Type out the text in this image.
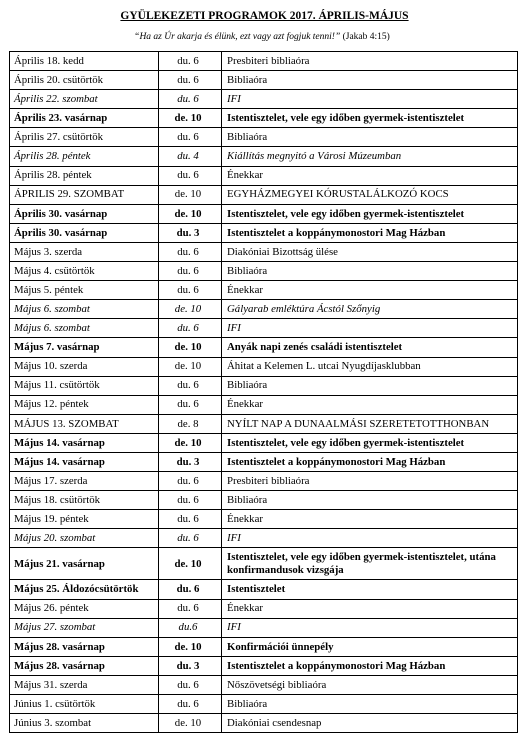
GYÜLEKEZETI PROGRAMOK 2017. ÁPRILIS-MÁJUS

“Ha az Úr akarja és élünk, ezt vagy azt fogjuk tenni!” (Jakab 4:15)

Április 18. kedd	du. 6	Presbiteri bibliaóra
Április 20. csütörtök	du. 6	Bibliaóra
Április 22. szombat	du. 6	IFI
Április 23. vasárnap	de. 10	Istentisztelet, vele egy időben gyermek-istentisztelet
Április 27. csütörtök	du. 6	Bibliaóra
Április 28. péntek	du. 4	Kiállítás megnyitó a Városi Múzeumban
Április 28. péntek	du. 6	Énekkar
ÁPRILIS 29. SZOMBAT	de. 10	EGYHÁZMEGYEI KÓRUSTALÁLKOZÓ KOCS
Április 30. vasárnap	de. 10	Istentisztelet, vele egy időben gyermek-istentisztelet
Április 30. vasárnap	du. 3	Istentisztelet a koppánymonostori Mag Házban
Május 3. szerda	du. 6	Diakóniai Bizottság ülése
Május 4. csütörtök	du. 6	Bibliaóra
Május 5. péntek	du. 6	Énekkar
Május 6. szombat	de. 10	Gályarab emléktúra Ácstól Szőnyig
Május 6. szombat	du. 6	IFI
Május 7. vasárnap	de. 10	Anyák napi zenés családi istentisztelet
Május 10. szerda	de. 10	Áhitat a Kelemen L. utcai Nyugdíjasklubban
Május 11. csütörtök	du. 6	Bibliaóra
Május 12. péntek	du. 6	Énekkar
MÁJUS 13. SZOMBAT	de. 8	NYÍLT NAP A DUNAALMÁSI SZERETETOTTHONBAN
Május 14. vasárnap	de. 10	Istentisztelet, vele egy időben gyermek-istentisztelet
Május 14. vasárnap	du. 3	Istentisztelet a koppánymonostori Mag Házban
Május 17. szerda	du. 6	Presbiteri bibliaóra
Május 18. csütörtök	du. 6	Bibliaóra
Május 19. péntek	du. 6	Énekkar
Május 20. szombat	du. 6	IFI
Május 21. vasárnap	de. 10	Istentisztelet, vele egy időben gyermek-istentisztelet, utána konfirmandusok vizsgája
Május 25. Áldozócsütörtök	du. 6	Istentisztelet
Május 26. péntek	du. 6	Énekkar
Május 27. szombat	du.6	IFI
Május 28. vasárnap	de. 10	Konfirmációi ünnepély
Május 28. vasárnap	du. 3	Istentisztelet a koppánymonostori Mag Házban
Május 31. szerda	du. 6	Nőszövetségi bibliaóra
Június 1. csütörtök	du. 6	Bibliaóra
Június 3. szombat	de. 10	Diakóniai csendesnap
